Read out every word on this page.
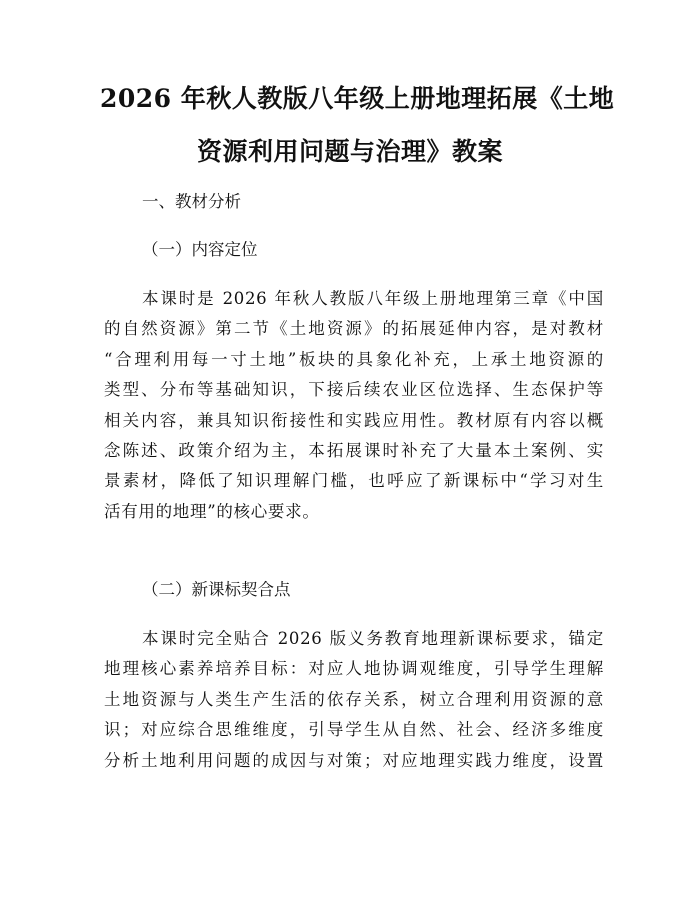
2026 年秋人教版八年级上册地理拓展《土地
资源利用问题与治理》教案

一、教材分析

（一）内容定位

本课时是 2026 年秋人教版八年级上册地理第三章《中国
的自然资源》第二节《土地资源》的拓展延伸内容，是对教材
“合理利用每一寸土地”板块的具象化补充，上承土地资源的
类型、分布等基础知识，下接后续农业区位选择、生态保护等
相关内容，兼具知识衔接性和实践应用性。教材原有内容以概
念陈述、政策介绍为主，本拓展课时补充了大量本土案例、实
景素材，降低了知识理解门槛，也呼应了新课标中“学习对生
活有用的地理”的核心要求。

（二）新课标契合点

本课时完全贴合 2026 版义务教育地理新课标要求，锚定
地理核心素养培养目标：对应人地协调观维度，引导学生理解
土地资源与人类生产生活的依存关系，树立合理利用资源的意
识；对应综合思维维度，引导学生从自然、社会、经济多维度
分析土地利用问题的成因与对策；对应地理实践力维度，设置
